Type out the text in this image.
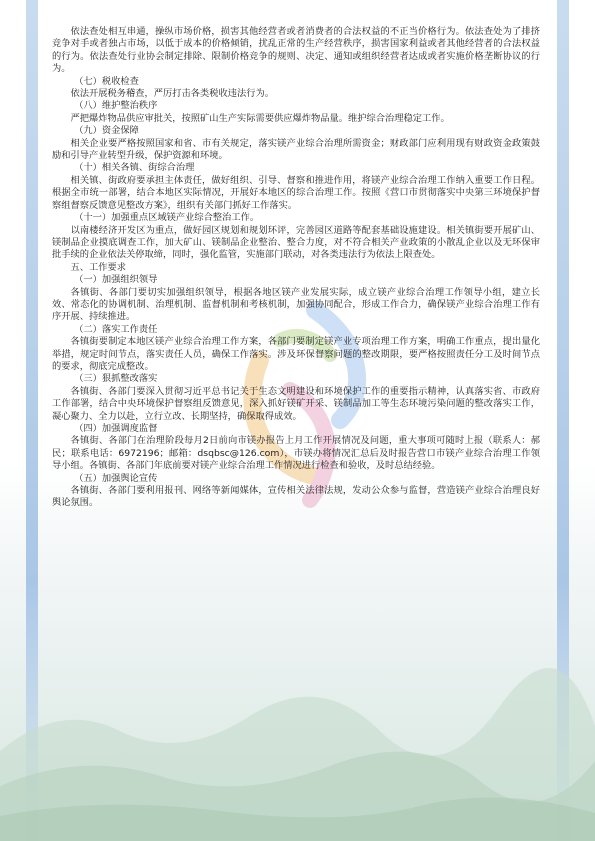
依法查处相互串通，操纵市场价格，损害其他经营者或者消费者的合法权益的不正当价格行为。依法查处为了排挤竞争对手或者独占市场，以低于成本的价格倾销，扰乱正常的生产经营秩序，损害国家利益或者其他经营者的合法权益的行为。依法查处行业协会制定排除、限制价格竞争的规则、决定、通知或组织经营者达成或者实施价格垄断协议的行为。

（七）税收检查

依法开展税务稽查，严厉打击各类税收违法行为。

（八）维护整治秩序

严把爆炸物品供应审批关，按照矿山生产实际需要供应爆炸物品量。维护综合治理稳定工作。

（九）资金保障

相关企业要严格按照国家和省、市有关规定，落实镁产业综合治理所需资金；财政部门应利用现有财政资金政策鼓励和引导产业转型升级，保护资源和环境。

（十）相关各镇、街综合治理

相关镇、街政府要承担主体责任，做好组织、引导、督察和推进作用，将镁产业综合治理工作纳入重要工作日程。根据全市统一部署，结合本地区实际情况，开展好本地区的综合治理工作。按照《营口市贯彻落实中央第三环境保护督察组督察反馈意见整改方案》，组织有关部门抓好工作落实。

（十一）加强重点区域镁产业综合整治工作。

以南楼经济开发区为重点，做好园区规划和规划环评，完善园区道路等配套基础设施建设。相关镇街要开展矿山、镁制品企业摸底调查工作，加大矿山、镁制品企业整治、整合力度，对不符合相关产业政策的小散乱企业以及无环保审批手续的企业依法关停取缔，同时，强化监管，实施部门联动，对各类违法行为依法上限查处。

五、工作要求

（一）加强组织领导

各镇街、各部门要切实加强组织领导，根据各地区镁产业发展实际，成立镁产业综合治理工作领导小组，建立长效、常态化的协调机制、治理机制、监督机制和考核机制，加强协同配合，形成工作合力，确保镁产业综合治理工作有序开展、持续推进。

（二）落实工作责任

各镇街要制定本地区镁产业综合治理工作方案，各部门要制定镁产业专项治理工作方案，明确工作重点，提出量化举措，规定时间节点，落实责任人员，确保工作落实。涉及环保督察问题的整改期限，要严格按照责任分工及时间节点的要求，彻底完成整改。

（三）狠抓整改落实

各镇街、各部门要深入贯彻习近平总书记关于生态文明建设和环境保护工作的重要指示精神，认真落实省、市政府工作部署，结合中央环境保护督察组反馈意见，深入抓好镁矿开采、镁制品加工等生态环境污染问题的整改落实工作，凝心聚力、全力以赴，立行立改、长期坚持，确保取得成效。

（四）加强调度监督

各镇街、各部门在治理阶段每月2日前向市镁办报告上月工作开展情况及问题，重大事项可随时上报（联系人：郝民；联系电话：6972196；邮箱：dsqbsc@126.com），市镁办将情况汇总后及时报告营口市镁产业综合治理工作领导小组。各镇街、各部门年底前要对镁产业综合治理工作情况进行检查和验收，及时总结经验。

（五）加强舆论宣传

各镇街、各部门要利用报刊、网络等新闻媒体，宣传相关法律法规，发动公众参与监督，营造镁产业综合治理良好舆论氛围。
